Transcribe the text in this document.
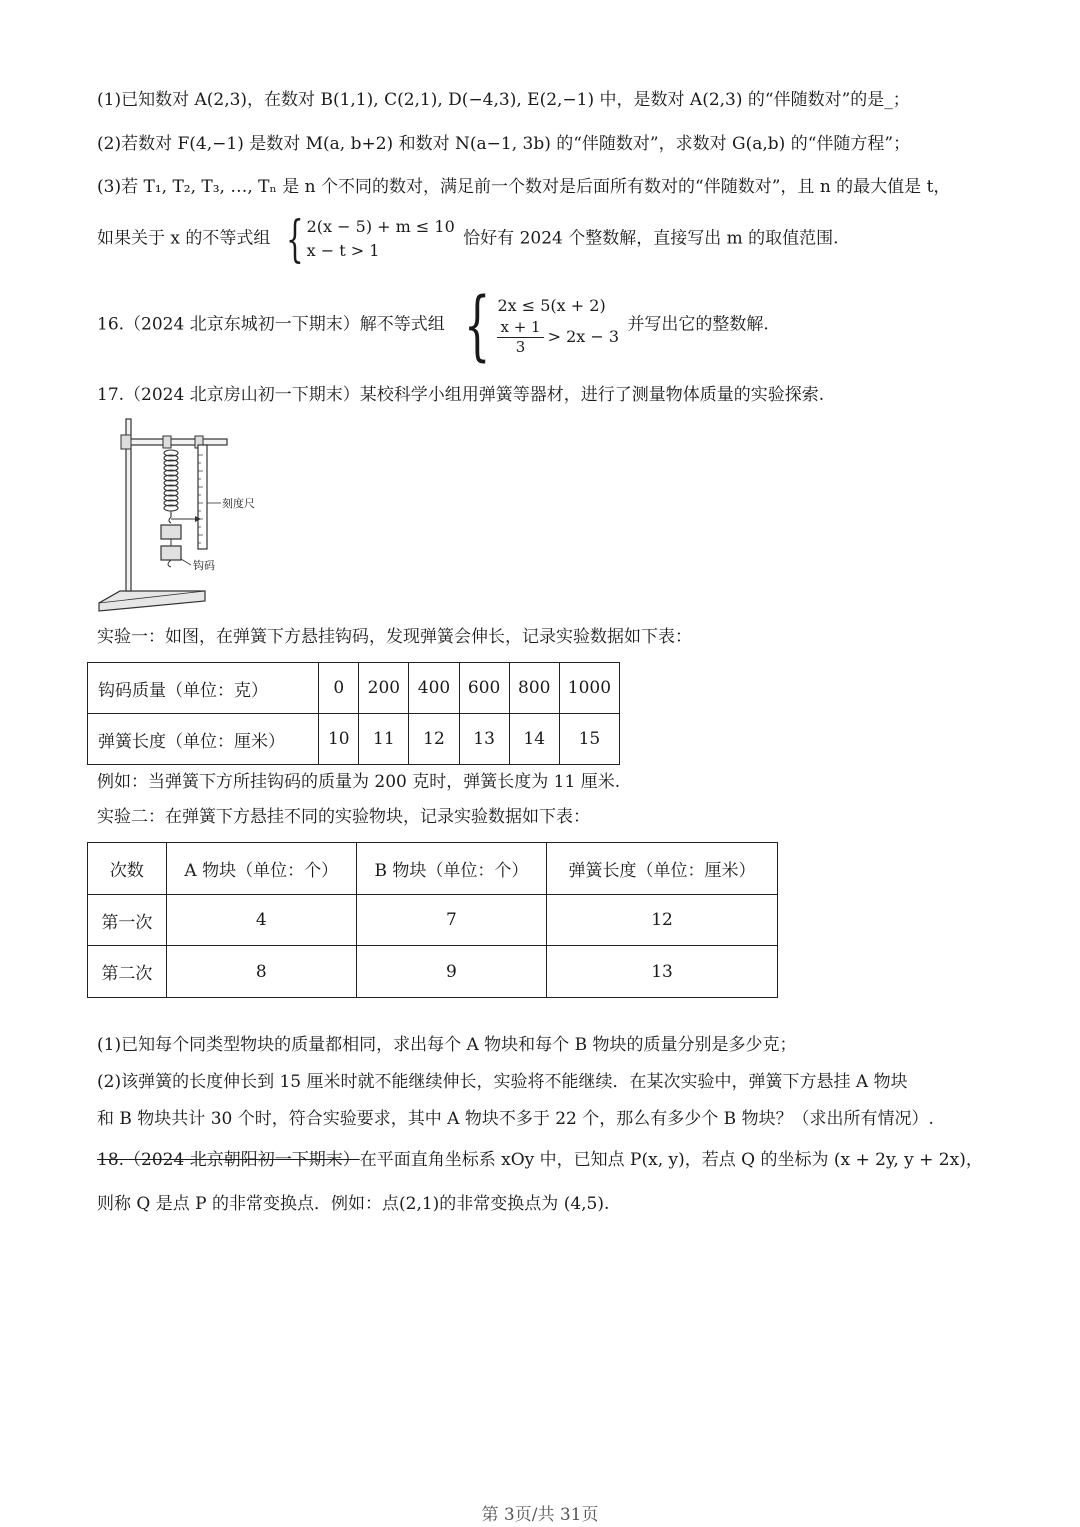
(1)已知数对 A(2,3)，在数对 B(1,1), C(2,1), D(−4,3), E(2,−1) 中，是数对 A(2,3) 的“伴随数对”的是_；
(2)若数对 F(4,−1) 是数对 M(a, b+2) 和数对 N(a−1, 3b) 的“伴随数对”，求数对 G(a,b) 的“伴随方程”；
(3)若 T₁, T₂, T₃, …, Tₙ 是 n 个不同的数对，满足前一个数对是后面所有数对的“伴随数对”，且 n 的最大值是 t，
如果关于 x 的不等式组 { 2(x − 5) + m ≤ 10
x − t > 1
恰好有 2024 个整数解，直接写出 m 的取值范围.
16.（2024 北京东城初一下期末）解不等式组 { 2x ≤ 5(x + 2)
$\frac{x + 1}{3} > 2x - 3$
并写出它的整数解.
17.（2024 北京房山初一下期末）某校科学小组用弹簧等器材，进行了测量物体质量的实验探索.
刻度尺
钩码
实验一：如图，在弹簧下方悬挂钩码，发现弹簧会伸长，记录实验数据如下表：
钩码质量（单位：克）	0	200	400	600	800	1000
弹簧长度（单位：厘米）	10	11	12	13	14	15
例如：当弹簧下方所挂钩码的质量为 200 克时，弹簧长度为 11 厘米.
实验二：在弹簧下方悬挂不同的实验物块，记录实验数据如下表：
次数	A 物块（单位：个）	B 物块（单位：个）	弹簧长度（单位：厘米）
第一次	4	7	12
第二次	8	9	13
(1)已知每个同类型物块的质量都相同，求出每个 A 物块和每个 B 物块的质量分别是多少克；
(2)该弹簧的长度伸长到 15 厘米时就不能继续伸长，实验将不能继续．在某次实验中，弹簧下方悬挂 A 物块
和 B 物块共计 30 个时，符合实验要求，其中 A 物块不多于 22 个，那么有多少个 B 物块？（求出所有情况）.
18.（2024 北京朝阳初一下期末）在平面直角坐标系 xOy 中，已知点 P(x, y)，若点 Q 的坐标为 (x + 2y, y + 2x)，
则称 Q 是点 P 的非常变换点．例如：点(2,1)的非常变换点为 (4,5).
第 3页/共 31页
